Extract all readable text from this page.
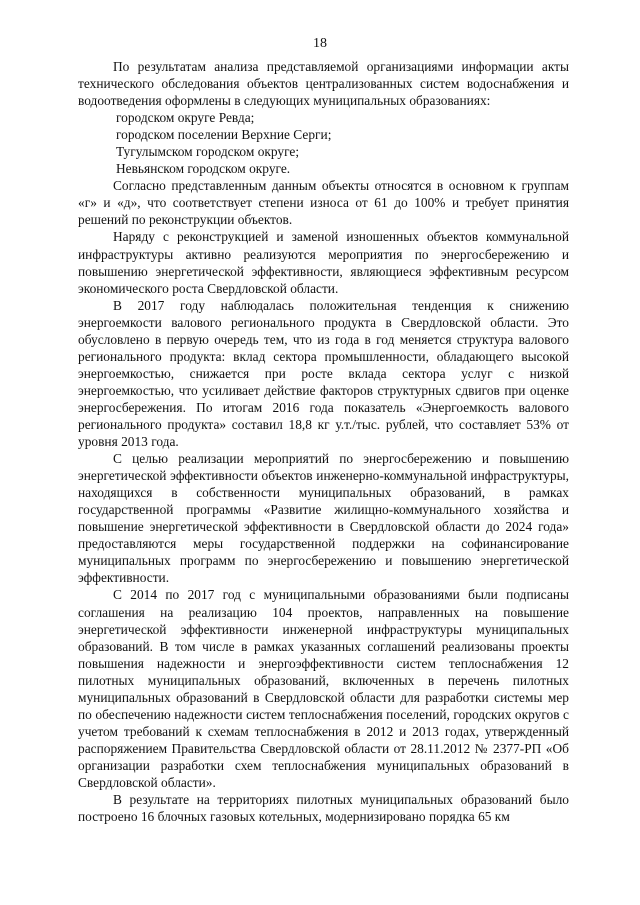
18

По результатам анализа представляемой организациями информации акты технического обследования объектов централизованных систем водоснабжения и водоотведения оформлены в следующих муниципальных образованиях:

городском округе Ревда;

городском поселении Верхние Серги;

Тугулымском городском округе;

Невьянском городском округе.

Согласно представленным данным объекты относятся в основном к группам «г» и «д», что соответствует степени износа от 61 до 100% и требует принятия решений по реконструкции объектов.

Наряду с реконструкцией и заменой изношенных объектов коммунальной инфраструктуры активно реализуются мероприятия по энергосбережению и повышению энергетической эффективности, являющиеся эффективным ресурсом экономического роста Свердловской области.

В 2017 году наблюдалась положительная тенденция к снижению энергоемкости валового регионального продукта в Свердловской области. Это обусловлено в первую очередь тем, что из года в год меняется структура валового регионального продукта: вклад сектора промышленности, обладающего высокой энергоемкостью, снижается при росте вклада сектора услуг с низкой энергоемкостью, что усиливает действие факторов структурных сдвигов при оценке энергосбережения. По итогам 2016 года показатель «Энергоемкость валового регионального продукта» составил 18,8 кг у.т./тыс. рублей, что составляет 53% от уровня 2013 года.

С целью реализации мероприятий по энергосбережению и повышению энергетической эффективности объектов инженерно-коммунальной инфраструктуры, находящихся в собственности муниципальных образований, в рамках государственной программы «Развитие жилищно-коммунального хозяйства и повышение энергетической эффективности в Свердловской области до 2024 года» предоставляются меры государственной поддержки на софинансирование муниципальных программ по энергосбережению и повышению энергетической эффективности.

С 2014 по 2017 год с муниципальными образованиями были подписаны соглашения на реализацию 104 проектов, направленных на повышение энергетической эффективности инженерной инфраструктуры муниципальных образований. В том числе в рамках указанных соглашений реализованы проекты повышения надежности и энергоэффективности систем теплоснабжения 12 пилотных муниципальных образований, включенных в перечень пилотных муниципальных образований в Свердловской области для разработки системы мер по обеспечению надежности систем теплоснабжения поселений, городских округов с учетом требований к схемам теплоснабжения в 2012 и 2013 годах, утвержденный распоряжением Правительства Свердловской области от 28.11.2012 № 2377-РП «Об организации разработки схем теплоснабжения муниципальных образований в Свердловской области».

В результате на территориях пилотных муниципальных образований было построено 16 блочных газовых котельных, модернизировано порядка 65 км
